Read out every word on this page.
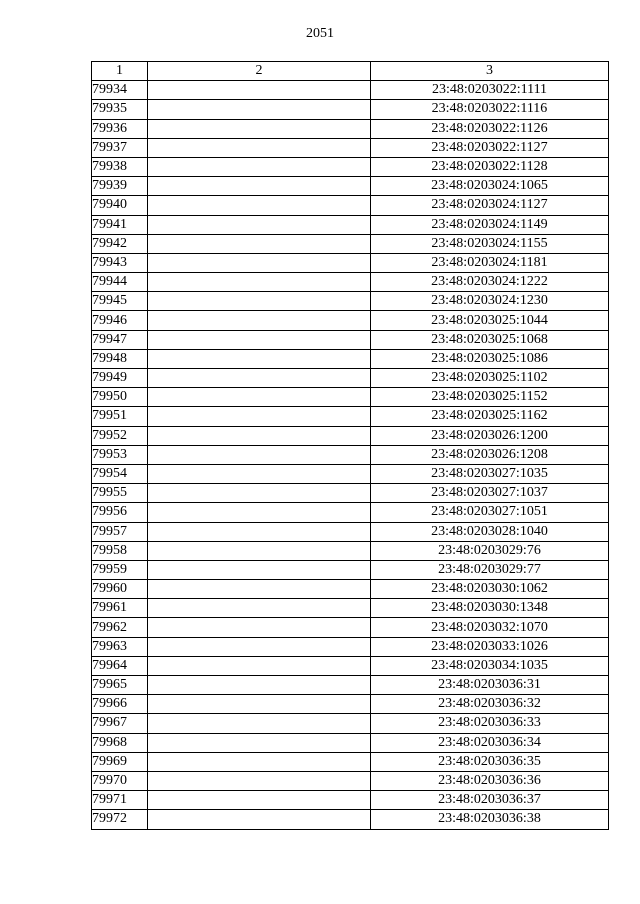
2051
1	2	3
79934		23:48:0203022:1111
79935		23:48:0203022:1116
79936		23:48:0203022:1126
79937		23:48:0203022:1127
79938		23:48:0203022:1128
79939		23:48:0203024:1065
79940		23:48:0203024:1127
79941		23:48:0203024:1149
79942		23:48:0203024:1155
79943		23:48:0203024:1181
79944		23:48:0203024:1222
79945		23:48:0203024:1230
79946		23:48:0203025:1044
79947		23:48:0203025:1068
79948		23:48:0203025:1086
79949		23:48:0203025:1102
79950		23:48:0203025:1152
79951		23:48:0203025:1162
79952		23:48:0203026:1200
79953		23:48:0203026:1208
79954		23:48:0203027:1035
79955		23:48:0203027:1037
79956		23:48:0203027:1051
79957		23:48:0203028:1040
79958		23:48:0203029:76
79959		23:48:0203029:77
79960		23:48:0203030:1062
79961		23:48:0203030:1348
79962		23:48:0203032:1070
79963		23:48:0203033:1026
79964		23:48:0203034:1035
79965		23:48:0203036:31
79966		23:48:0203036:32
79967		23:48:0203036:33
79968		23:48:0203036:34
79969		23:48:0203036:35
79970		23:48:0203036:36
79971		23:48:0203036:37
79972		23:48:0203036:38
